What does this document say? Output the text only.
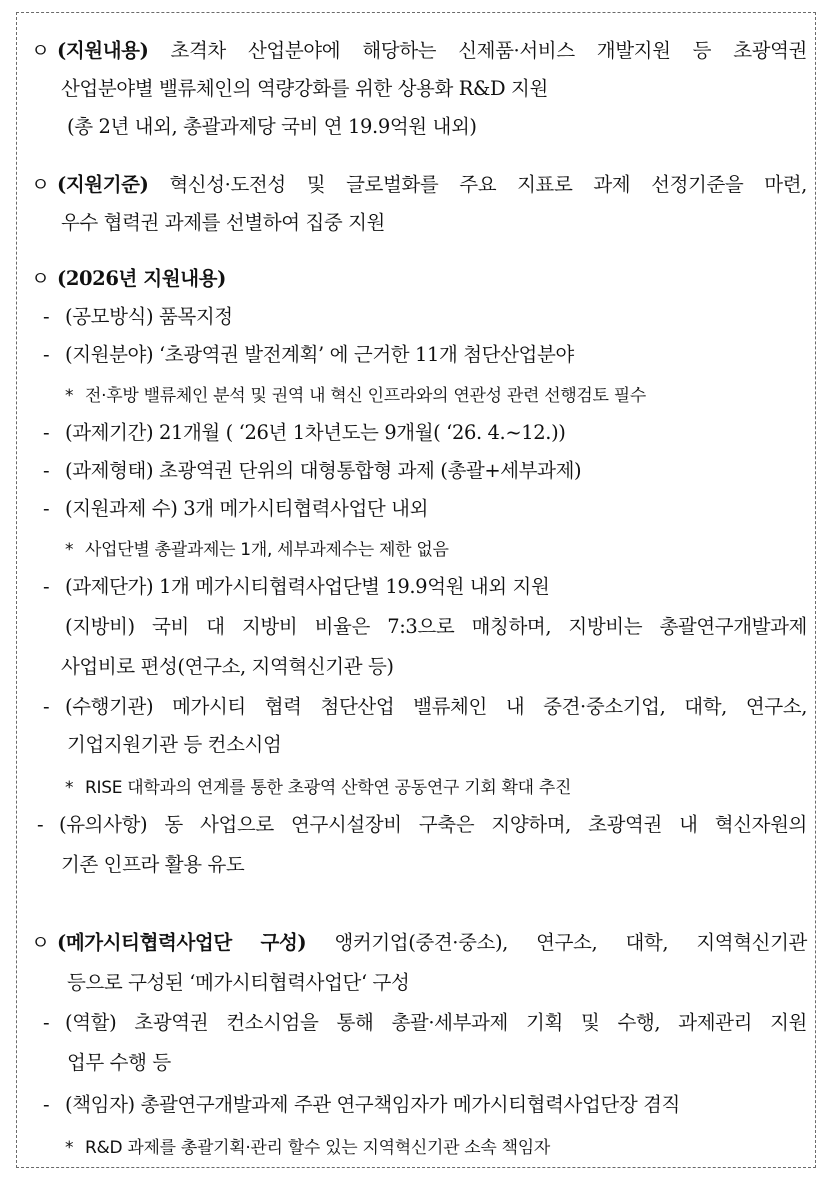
ㅇ (지원내용) 초격차 산업분야에 해당하는 신제품·서비스 개발지원 등 초광역권
산업분야별 밸류체인의 역량강화를 위한 상용화 R&D 지원
(총 2년 내외, 총괄과제당 국비 연 19.9억원 내외)
ㅇ (지원기준) 혁신성·도전성 및 글로벌화를 주요 지표로 과제 선정기준을 마련,
우수 협력권 과제를 선별하여 집중 지원
ㅇ (2026년 지원내용)
- (공모방식) 품목지정
- (지원분야) ‘초광역권 발전계획’ 에 근거한 11개 첨단산업분야
* 전·후방 밸류체인 분석 및 권역 내 혁신 인프라와의 연관성 관련 선행검토 필수
- (과제기간) 21개월 ( ‘26년 1차년도는 9개월( ‘26. 4.~12.))
- (과제형태) 초광역권 단위의 대형통합형 과제 (총괄+세부과제)
- (지원과제 수) 3개 메가시티협력사업단 내외
* 사업단별 총괄과제는 1개, 세부과제수는 제한 없음
- (과제단가) 1개 메가시티협력사업단별 19.9억원 내외 지원
(지방비) 국비 대 지방비 비율은 7:3으로 매칭하며, 지방비는 총괄연구개발과제
사업비로 편성(연구소, 지역혁신기관 등)
- (수행기관) 메가시티 협력 첨단산업 밸류체인 내 중견·중소기업, 대학, 연구소,
기업지원기관 등 컨소시엄
* RISE 대학과의 연계를 통한 초광역 산학연 공동연구 기회 확대 추진
- (유의사항) 동 사업으로 연구시설장비 구축은 지양하며, 초광역권 내 혁신자원의
기존 인프라 활용 유도
ㅇ (메가시티협력사업단 구성) 앵커기업(중견·중소), 연구소, 대학, 지역혁신기관
등으로 구성된 ‘메가시티협력사업단‘ 구성
- (역할) 초광역권 컨소시엄을 통해 총괄·세부과제 기획 및 수행, 과제관리 지원
업무 수행 등
- (책임자) 총괄연구개발과제 주관 연구책임자가 메가시티협력사업단장 겸직
* R&D 과제를 총괄기획·관리 할수 있는 지역혁신기관 소속 책임자
